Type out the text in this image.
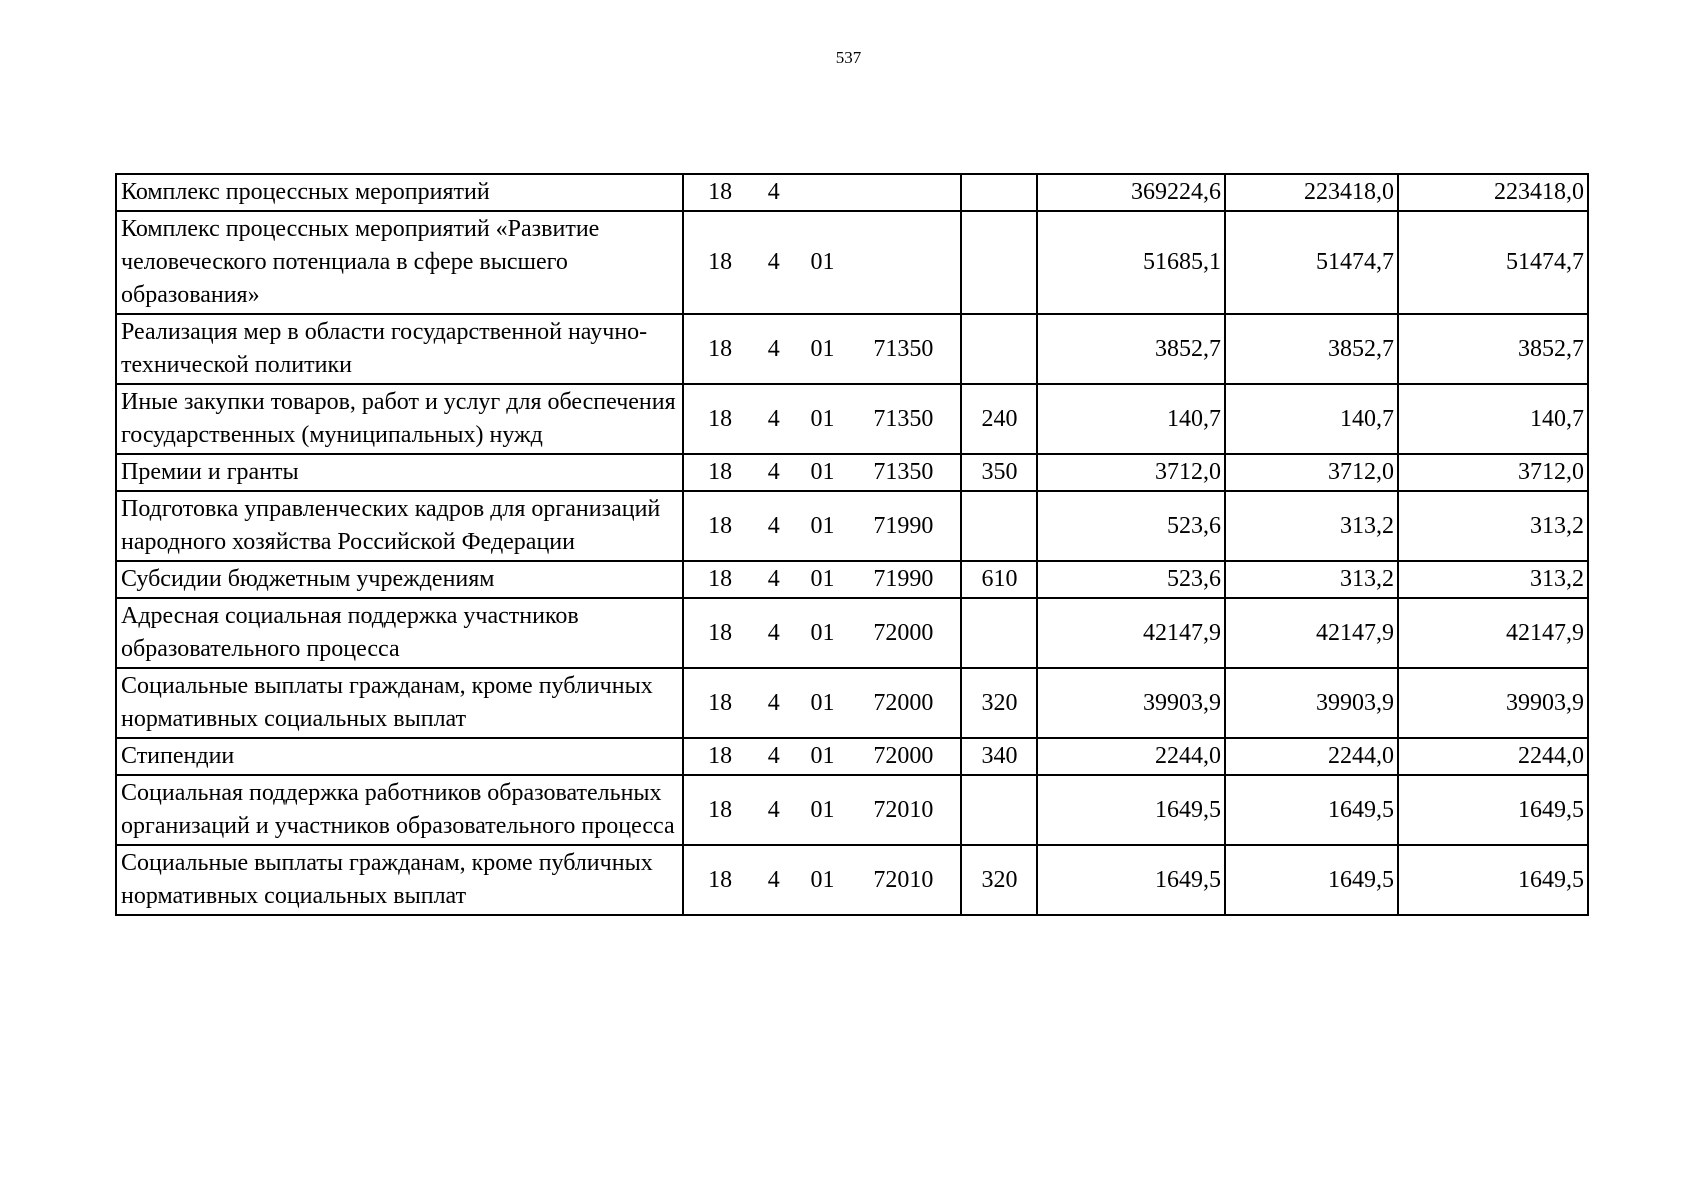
537
Комплекс процессных мероприятий	18 4		369224,6	223418,0	223418,0
Комплекс процессных мероприятий «Развитие человеческого потенциала в сфере высшего образования»	18 4 01		51685,1	51474,7	51474,7
Реализация мер в области государственной научно-технической политики	18 4 01 71350		3852,7	3852,7	3852,7
Иные закупки товаров, работ и услуг для обеспечения государственных (муниципальных) нужд	18 4 01 71350	240	140,7	140,7	140,7
Премии и гранты	18 4 01 71350	350	3712,0	3712,0	3712,0
Подготовка управленческих кадров для организаций народного хозяйства Российской Федерации	18 4 01 71990		523,6	313,2	313,2
Субсидии бюджетным учреждениям	18 4 01 71990	610	523,6	313,2	313,2
Адресная социальная поддержка участников образовательного процесса	18 4 01 72000		42147,9	42147,9	42147,9
Социальные выплаты гражданам, кроме публичных нормативных социальных выплат	18 4 01 72000	320	39903,9	39903,9	39903,9
Стипендии	18 4 01 72000	340	2244,0	2244,0	2244,0
Социальная поддержка работников образовательных организаций и участников образовательного процесса	18 4 01 72010		1649,5	1649,5	1649,5
Социальные выплаты гражданам, кроме публичных нормативных социальных выплат	18 4 01 72010	320	1649,5	1649,5	1649,5
